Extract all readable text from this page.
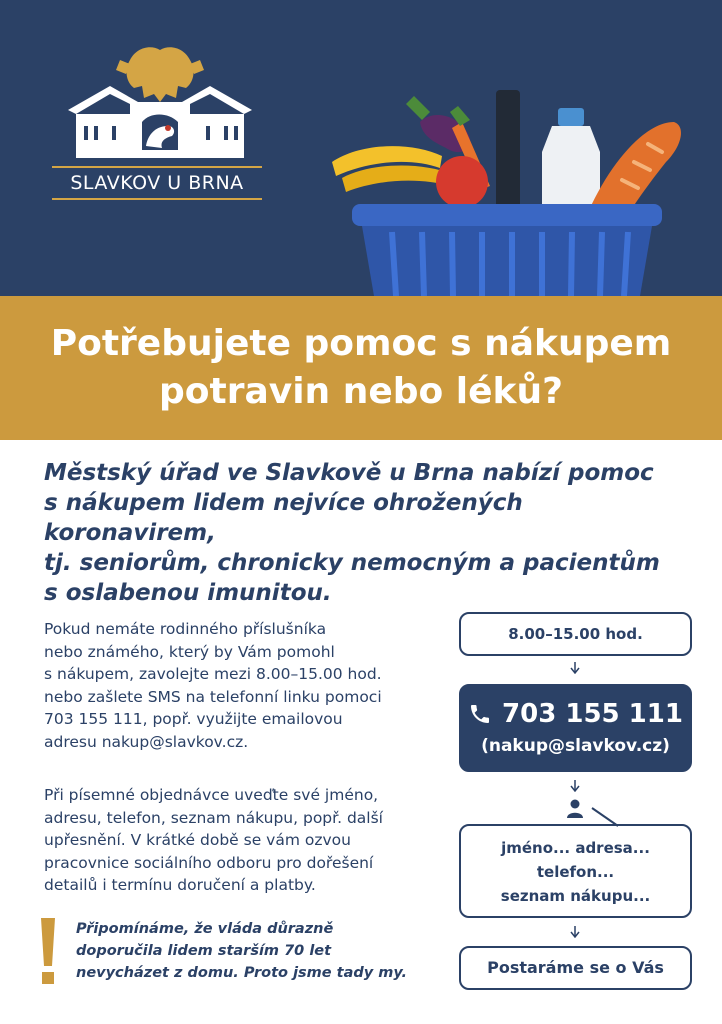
SLAVKOV U BRNA
Potřebujete pomoc s nákupem
potravin nebo léků?
Městský úřad ve Slavkově u Brna nabízí pomoc
s nákupem lidem nejvíce ohrožených koronavirem,
tj. seniorům, chronicky nemocným a pacientům
s oslabenou imunitou.
Pokud nemáte rodinného příslušníka
nebo známého, který by Vám pomohl
s nákupem, zavolejte mezi 8.00–15.00 hod.
nebo zašlete SMS na telefonní linku pomoci
703 155 111, popř. využijte emailovou
adresu nakup@slavkov.cz.
Při písemné objednávce uveďte své jméno,
adresu, telefon, seznam nákupu, popř. další
upřesnění. V krátké době se vám ozvou
pracovnice sociálního odboru pro dořešení
detailů i termínu doručení a platby.
Připomínáme, že vláda důrazně
doporučila lidem starším 70 let
nevycházet z domu. Proto jsme tady my.
8.00–15.00 hod.
703 155 111
(nakup@slavkov.cz)
jméno... adresa...
telefon...
seznam nákupu...
Postaráme se o Vás
